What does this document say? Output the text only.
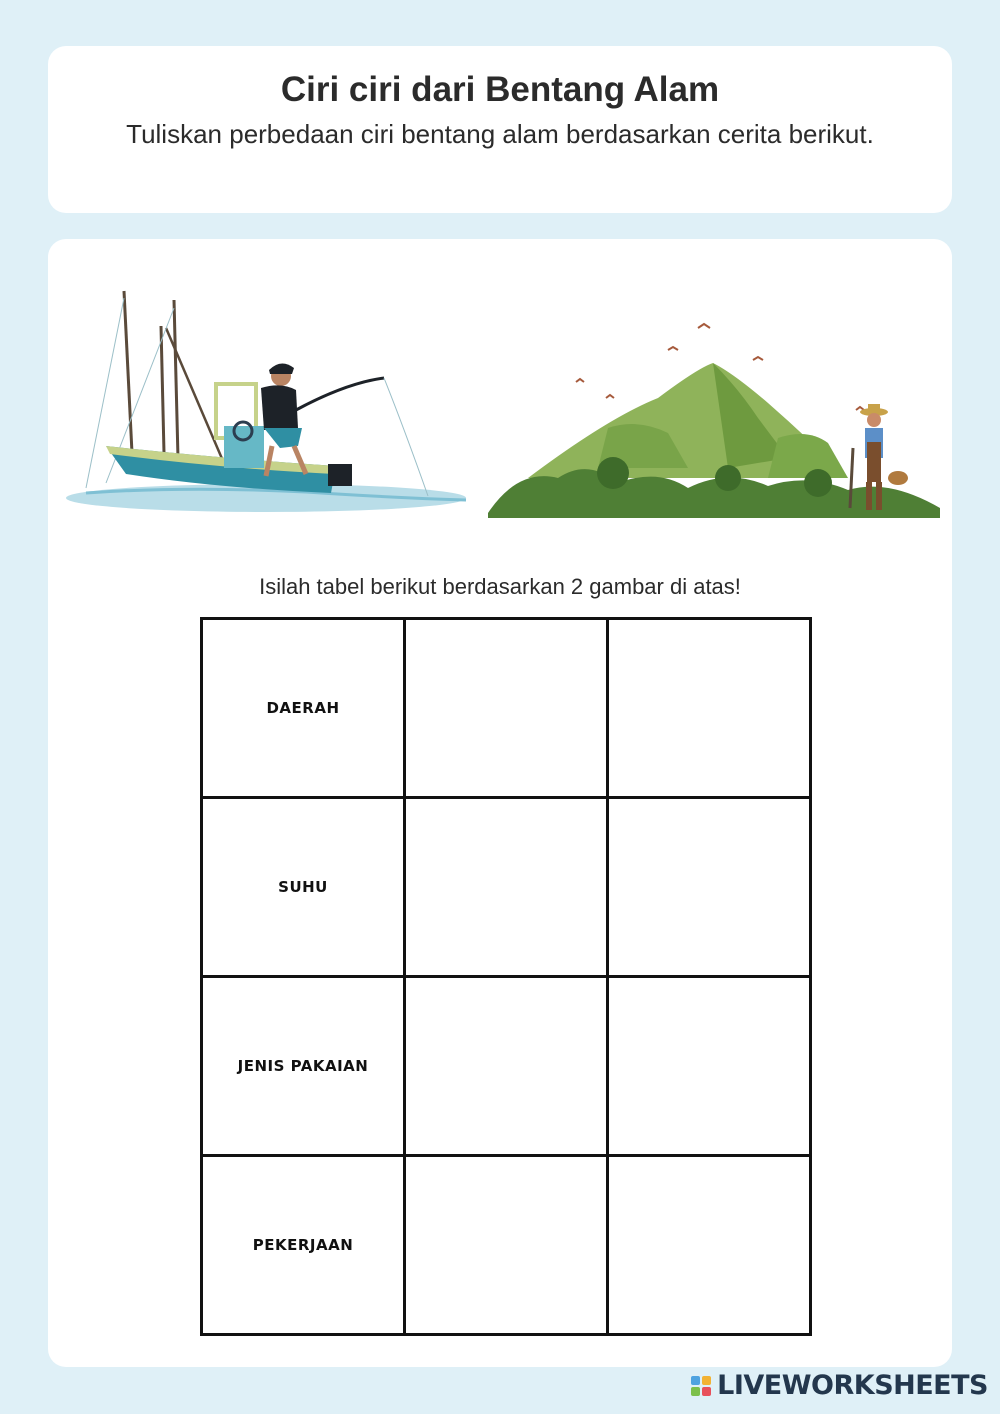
Ciri ciri dari Bentang Alam
Tuliskan perbedaan ciri bentang alam berdasarkan cerita berikut.
Isilah tabel berikut berdasarkan 2 gambar di atas!
DAERAH		
SUHU		
JENIS PAKAIAN		
PEKERJAAN		
LIVEWORKSHEETS
